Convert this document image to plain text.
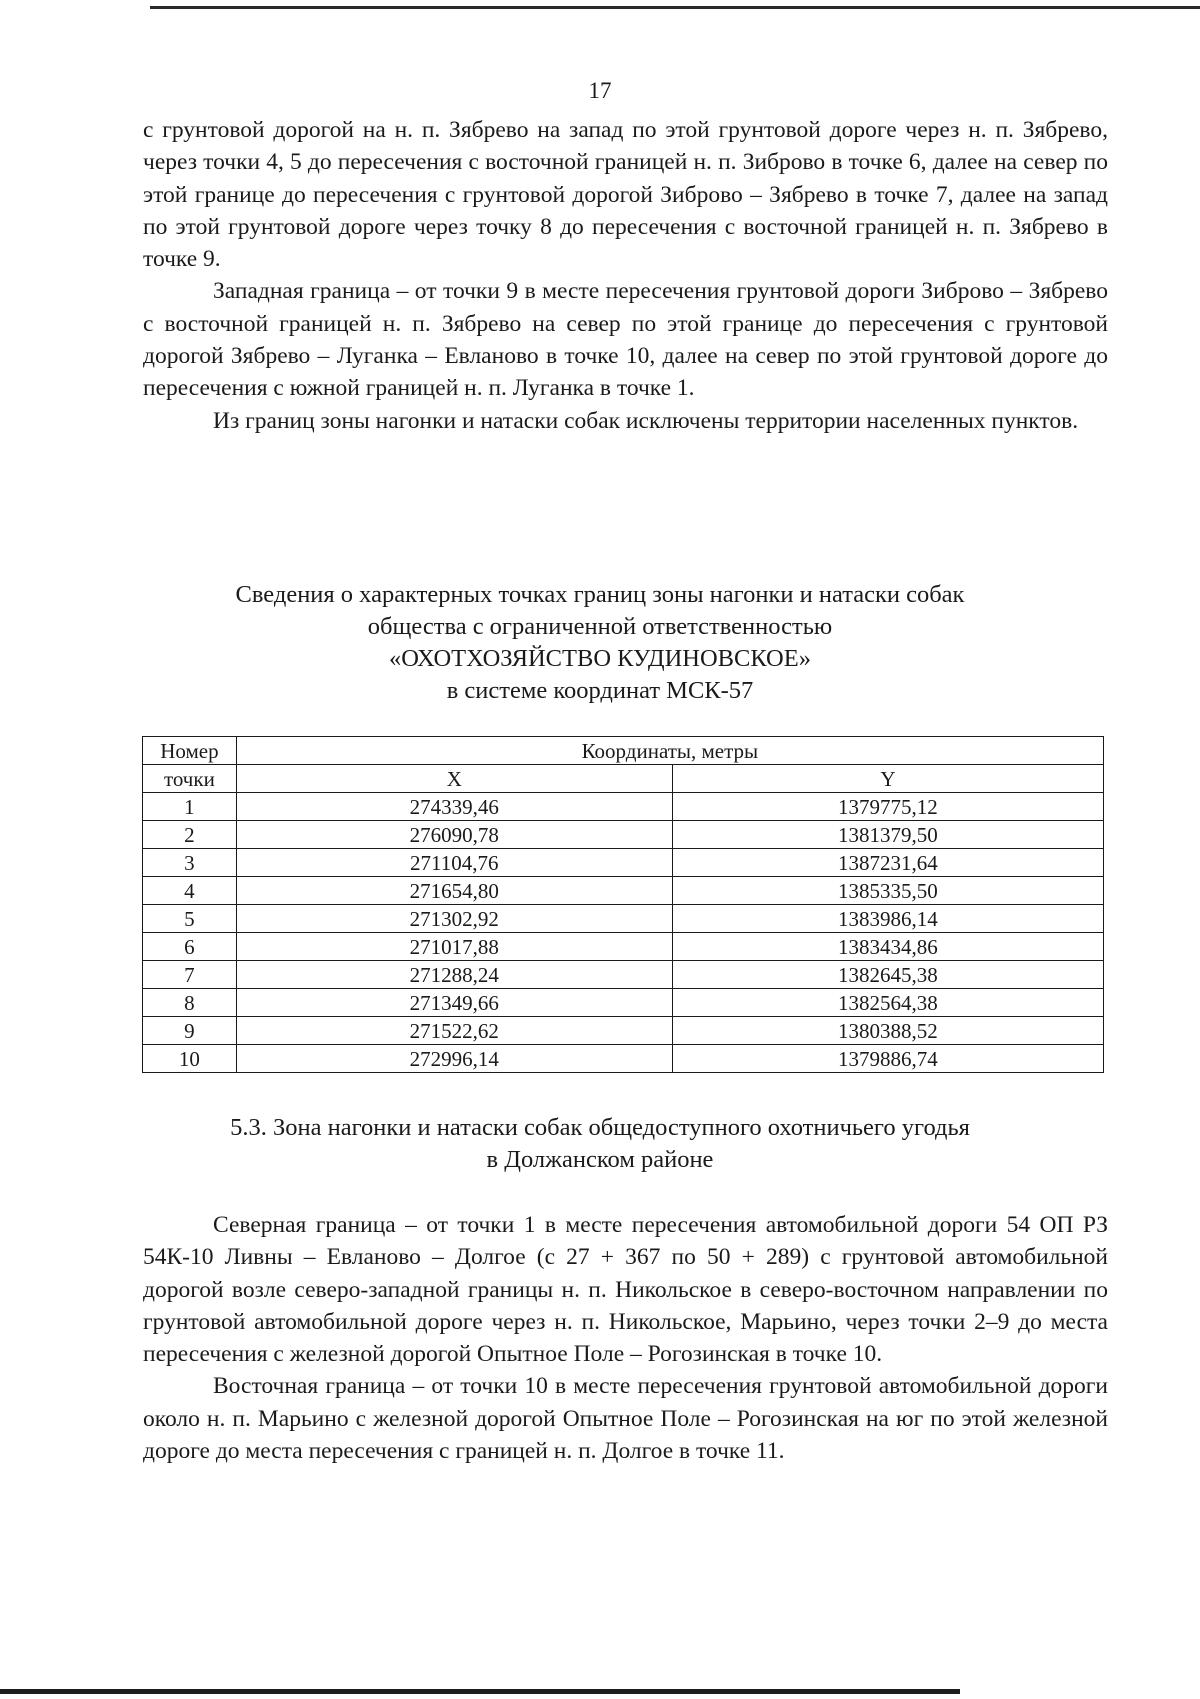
17

с грунтовой дорогой на н. п. Зябрево на запад по этой грунтовой дороге через н. п. Зябрево, через точки 4, 5 до пересечения с восточной границей н. п. Зиброво в точке 6, далее на север по этой границе до пересечения с грунтовой дорогой Зиброво – Зябрево в точке 7, далее на запад по этой грунтовой дороге через точку 8 до пересечения с восточной границей н. п. Зябрево в точке 9.

Западная граница – от точки 9 в месте пересечения грунтовой дороги Зиброво – Зябрево с восточной границей н. п. Зябрево на север по этой границе до пересечения с грунтовой дорогой Зябрево – Луганка – Евланово в точке 10, далее на север по этой грунтовой дороге до пересечения с южной границей н. п. Луганка в точке 1.

Из границ зоны нагонки и натаски собак исключены территории населенных пунктов.

Сведения о характерных точках границ зоны нагонки и натаски собак
общества с ограниченной ответственностью
«ОХОТХОЗЯЙСТВО КУДИНОВСКОЕ»
в системе координат МСК-57
Номер	Координаты, метры	
точки	X	Y
1	274339,46	1379775,12
2	276090,78	1381379,50
3	271104,76	1387231,64
4	271654,80	1385335,50
5	271302,92	1383986,14
6	271017,88	1383434,86
7	271288,24	1382645,38
8	271349,66	1382564,38
9	271522,62	1380388,52
10	272996,14	1379886,74
5.3. Зона нагонки и натаски собак общедоступного охотничьего угодья
в Должанском районе

Северная граница – от точки 1 в месте пересечения автомобильной дороги 54 ОП РЗ 54К-10 Ливны – Евланово – Долгое (с 27 + 367 по 50 + 289) с грунтовой автомобильной дорогой возле северо-западной границы н. п. Никольское в северо-восточном направлении по грунтовой автомобильной дороге через н. п. Никольское, Марьино, через точки 2–9 до места пересечения с железной дорогой Опытное Поле – Рогозинская в точке 10.

Восточная граница – от точки 10 в месте пересечения грунтовой автомобильной дороги около н. п. Марьино с железной дорогой Опытное Поле – Рогозинская на юг по этой железной дороге до места пересечения с границей н. п. Долгое в точке 11.
